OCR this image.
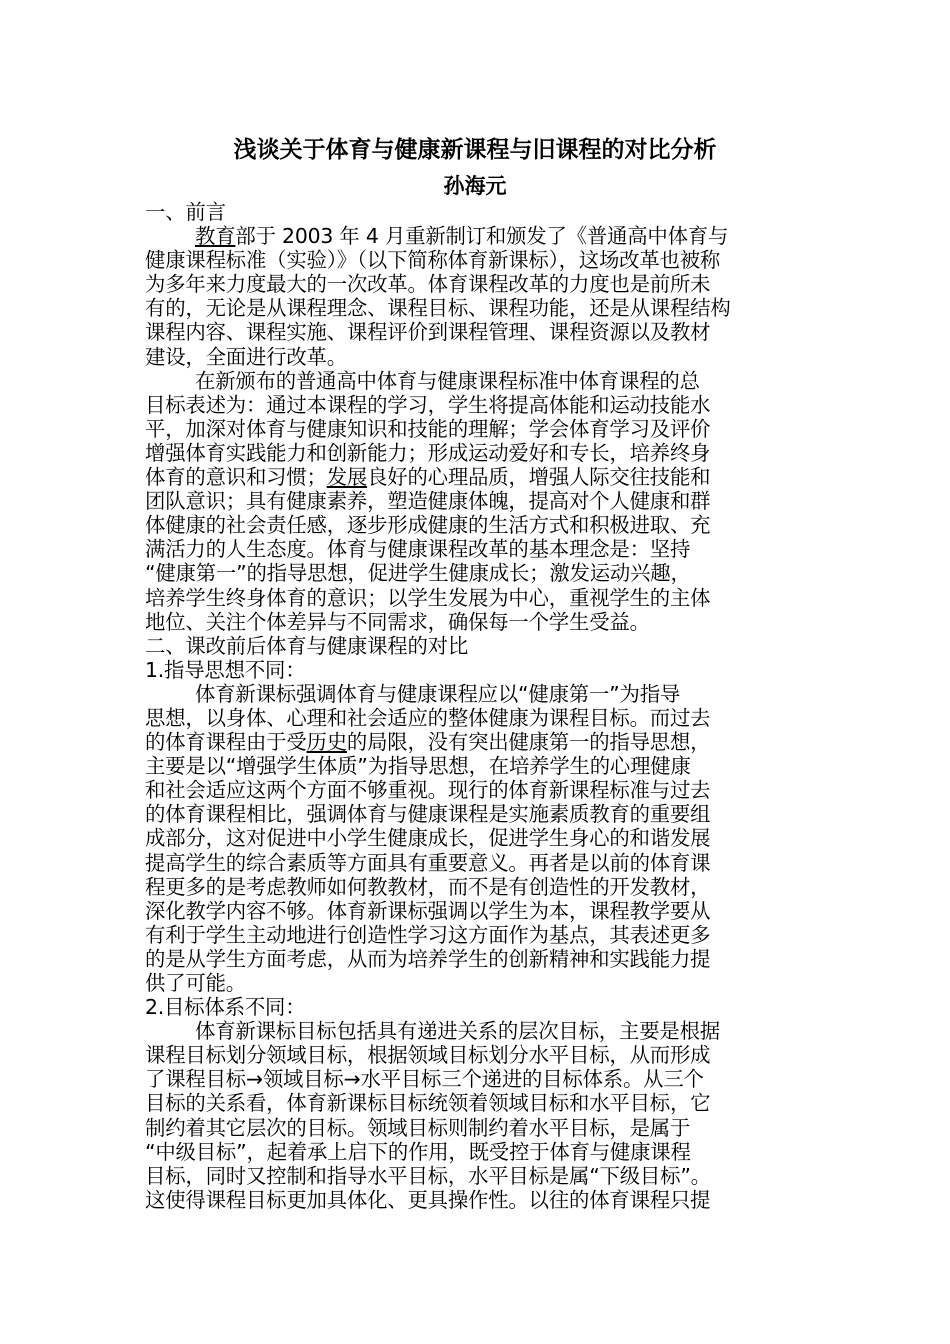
浅谈关于体育与健康新课程与旧课程的对比分析
孙海元
一、前言
教育部于 2003 年 4 月重新制订和颁发了《普通高中体育与
健康课程标准（实验）》（以下简称体育新课标），这场改革也被称
为多年来力度最大的一次改革。体育课程改革的力度也是前所未
有的，无论是从课程理念、课程目标、课程功能，还是从课程结构
课程内容、课程实施、课程评价到课程管理、课程资源以及教材
建设，全面进行改革。
在新颁布的普通高中体育与健康课程标准中体育课程的总
目标表述为：通过本课程的学习，学生将提高体能和运动技能水
平，加深对体育与健康知识和技能的理解；学会体育学习及评价
增强体育实践能力和创新能力；形成运动爱好和专长，培养终身
体育的意识和习惯；发展良好的心理品质，增强人际交往技能和
团队意识；具有健康素养，塑造健康体魄，提高对个人健康和群
体健康的社会责任感，逐步形成健康的生活方式和积极进取、充
满活力的人生态度。体育与健康课程改革的基本理念是：坚持
“健康第一”的指导思想，促进学生健康成长；激发运动兴趣，
培养学生终身体育的意识；以学生发展为中心，重视学生的主体
地位、关注个体差异与不同需求，确保每一个学生受益。
二、课改前后体育与健康课程的对比
1.指导思想不同：
体育新课标强调体育与健康课程应以“健康第一”为指导
思想，以身体、心理和社会适应的整体健康为课程目标。而过去
的体育课程由于受历史的局限，没有突出健康第一的指导思想，
主要是以“增强学生体质”为指导思想，在培养学生的心理健康
和社会适应这两个方面不够重视。现行的体育新课程标准与过去
的体育课程相比，强调体育与健康课程是实施素质教育的重要组
成部分，这对促进中小学生健康成长，促进学生身心的和谐发展
提高学生的综合素质等方面具有重要意义。再者是以前的体育课
程更多的是考虑教师如何教教材，而不是有创造性的开发教材，
深化教学内容不够。体育新课标强调以学生为本，课程教学要从
有利于学生主动地进行创造性学习这方面作为基点，其表述更多
的是从学生方面考虑，从而为培养学生的创新精神和实践能力提
供了可能。
2.目标体系不同：
体育新课标目标包括具有递进关系的层次目标，主要是根据
课程目标划分领域目标，根据领域目标划分水平目标，从而形成
了课程目标→领域目标→水平目标三个递进的目标体系。从三个
目标的关系看，体育新课标目标统领着领域目标和水平目标，它
制约着其它层次的目标。领域目标则制约着水平目标，是属于
“中级目标”，起着承上启下的作用，既受控于体育与健康课程
目标，同时又控制和指导水平目标，水平目标是属“下级目标”。
这使得课程目标更加具体化、更具操作性。以往的体育课程只提
